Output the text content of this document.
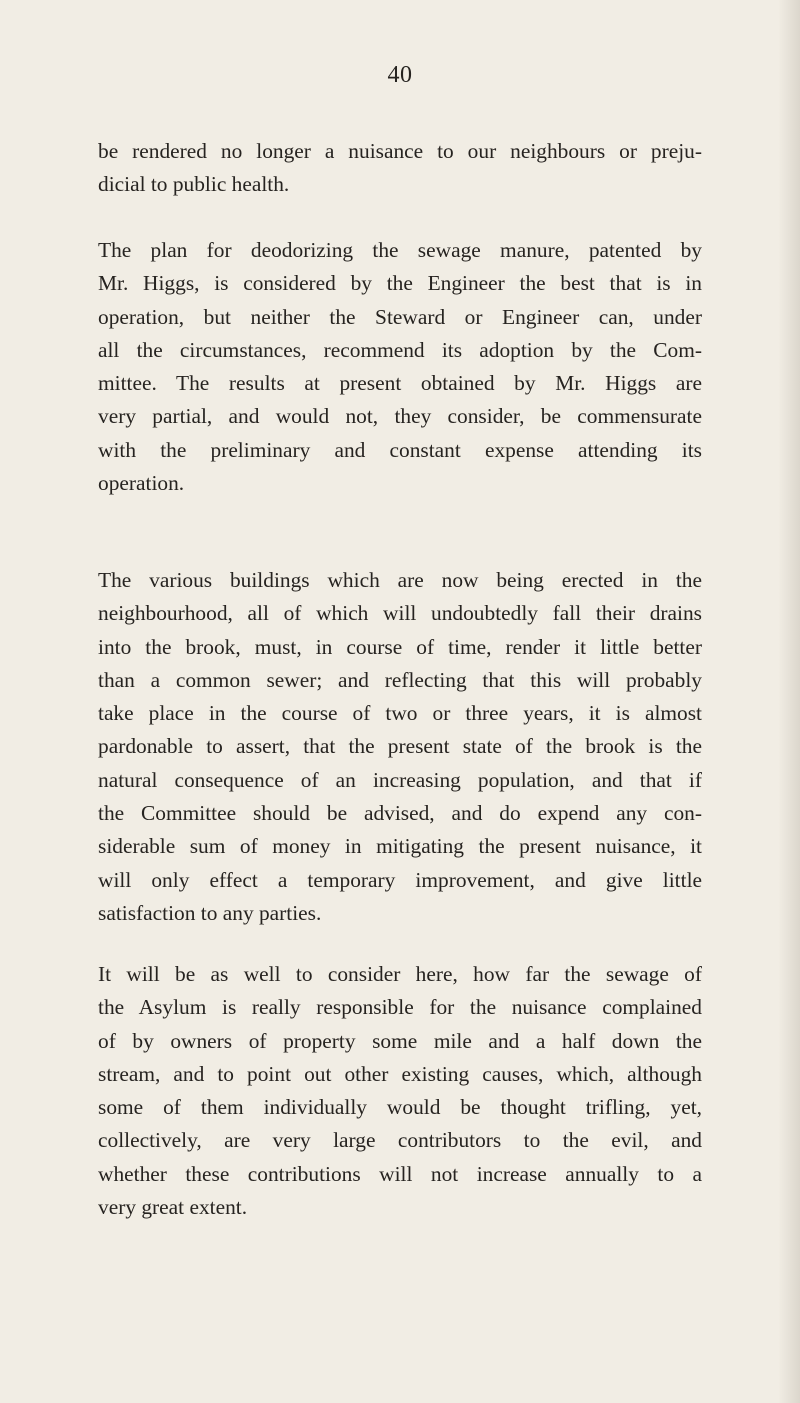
40
be rendered no longer a nuisance to our neighbours or preju-
dicial to public health.
The plan for deodorizing the sewage manure, patented by
Mr. Higgs, is considered by the Engineer the best that is in
operation, but neither the Steward or Engineer can, under
all the circumstances, recommend its adoption by the Com-
mittee. The results at present obtained by Mr. Higgs are
very partial, and would not, they consider, be commensurate
with the preliminary and constant expense attending its
operation.
The various buildings which are now being erected in the
neighbourhood, all of which will undoubtedly fall their drains
into the brook, must, in course of time, render it little better
than a common sewer; and reflecting that this will probably
take place in the course of two or three years, it is almost
pardonable to assert, that the present state of the brook is the
natural consequence of an increasing population, and that if
the Committee should be advised, and do expend any con-
siderable sum of money in mitigating the present nuisance, it
will only effect a temporary improvement, and give little
satisfaction to any parties.
It will be as well to consider here, how far the sewage of
the Asylum is really responsible for the nuisance complained
of by owners of property some mile and a half down the
stream, and to point out other existing causes, which, although
some of them individually would be thought trifling, yet,
collectively, are very large contributors to the evil, and
whether these contributions will not increase annually to a
very great extent.
